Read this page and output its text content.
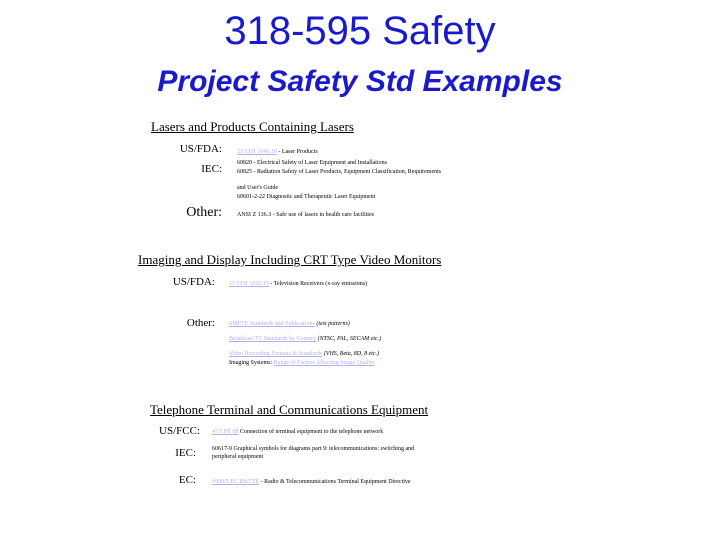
318-595 Safety
Project Safety Std Examples
Lasers and Products Containing Lasers
US/FDA:	21 CFR 1040.10 - Laser Products
IEC:	60820 - Electrical Safety of Laser Equipment and Installations
60825 - Radiation Safety of Laser Products, Equipment Classification, Requirements
and User's Guide
60601-2-22 Diagnostic and Therapeutic Laser Equipment
Other:	ANSI Z 136.3 - Safe use of lasers in health care facilities
Imaging and Display Including CRT Type Video Monitors
US/FDA: 21 CFR 1020.10 - Television Receivers (x-ray emissions)
Other: SMPTE Standards and Publications (test patterns)
Broadcast TV Standards by Country (NTSC, PAL, SECAM etc.)
Video Recording Formats & Standards (VHS, Beta, 8D, 8 etc.)
Imaging Systems: Range of Factors Affecting Image Quality
Telephone Terminal and Communications Equipment
US/FCC: 47 CFR 68 Connection of terminal equipment to the telephone network
IEC:	60617-9 Graphical symbols for diagrams part 9: telecommunications: switching and
peripheral equipment
EC:	1999/5/EC R&TTE - Radio & Telecommunications Terminal Equipment Directive
